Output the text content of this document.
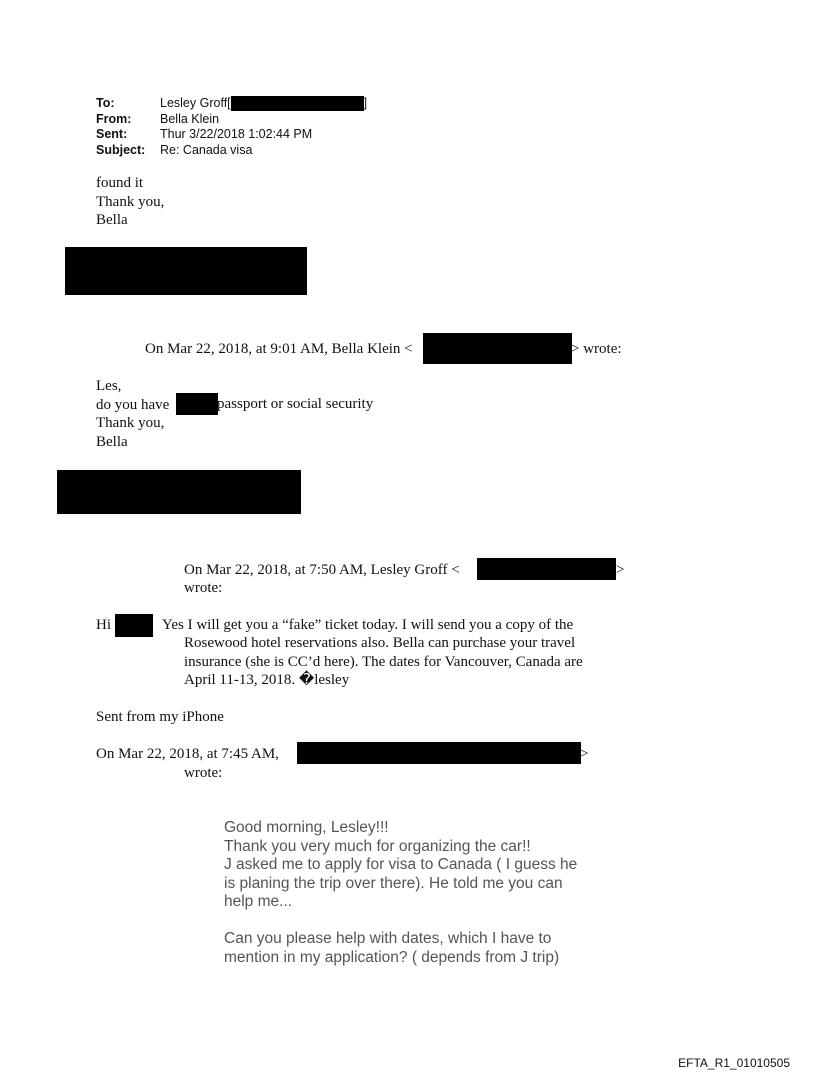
To:	Lesley Groff[	]
From:	Bella Klein
Sent:	Thur 3/22/2018 1:02:44 PM
Subject:	Re: Canada visa
found it
Thank you,
Bella
On Mar 22, 2018, at 9:01 AM, Bella Klein <	> wrote:
Les,
do you have
Thank you,
Bella
passport or social security
On Mar 22, 2018, at 7:50 AM, Lesley Groff <	>
wrote:
Hi	Yes I will get you a “fake” ticket today. I will send you a copy of the
Rosewood hotel reservations also. Bella can purchase your travel
insurance (she is CC’d here). The dates for Vancouver, Canada are
April 11-13, 2018. �lesley
Sent from my iPhone
On Mar 22, 2018, at 7:45 AM,	>
wrote:
Good morning, Lesley!!!
Thank you very much for organizing the car!!
J asked me to apply for visa to Canada ( I guess he
is planing the trip over there). He told me you can
help me...
Can you please help with dates, which I have to
mention in my application? ( depends from J trip)
EFTA_R1_01010505
